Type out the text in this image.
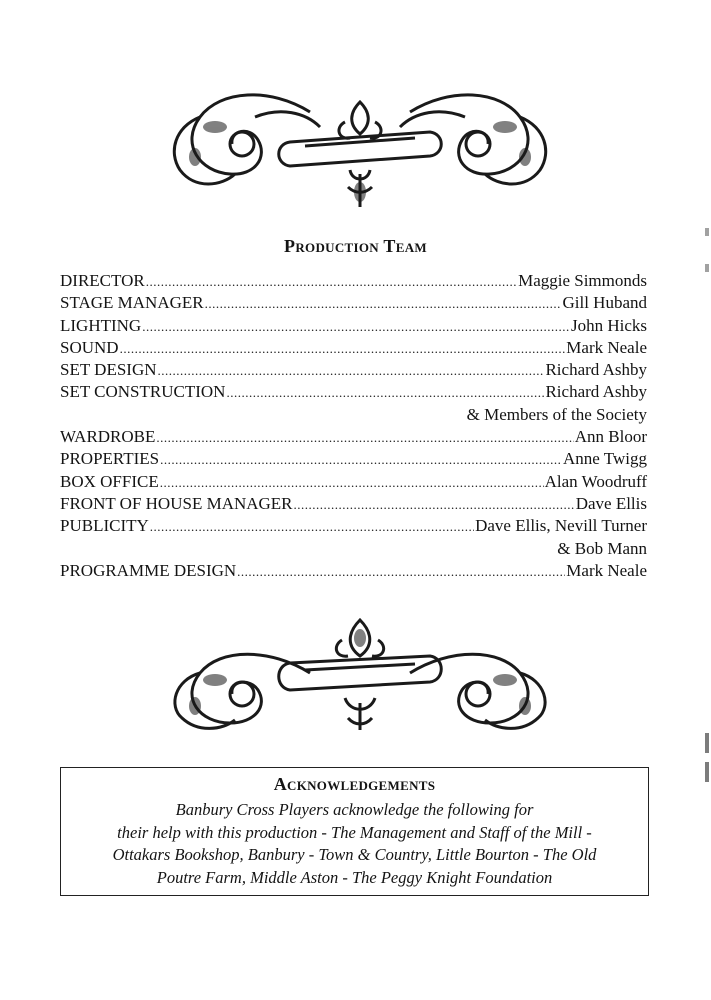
Production Team
DIRECTOR .....	Maggie Simmonds
STAGE MANAGER .....	Gill Huband
LIGHTING .....	John Hicks
SOUND .....	Mark Neale
SET DESIGN .....	Richard Ashby
SET CONSTRUCTION .....	Richard Ashby
& Members of the Society
WARDROBE .....	Ann Bloor
PROPERTIES .....	Anne Twigg
BOX OFFICE .....	Alan Woodruff
FRONT OF HOUSE MANAGER .....	Dave Ellis
PUBLICITY .....	Dave Ellis, Nevill Turner
& Bob Mann
PROGRAMME DESIGN .....	Mark Neale
Acknowledgements
Banbury Cross Players acknowledge the following for
their help with this production - The Management and Staff of the Mill -
Ottakars Bookshop, Banbury - Town & Country, Little Bourton - The Old
Poutre Farm, Middle Aston - The Peggy Knight Foundation
